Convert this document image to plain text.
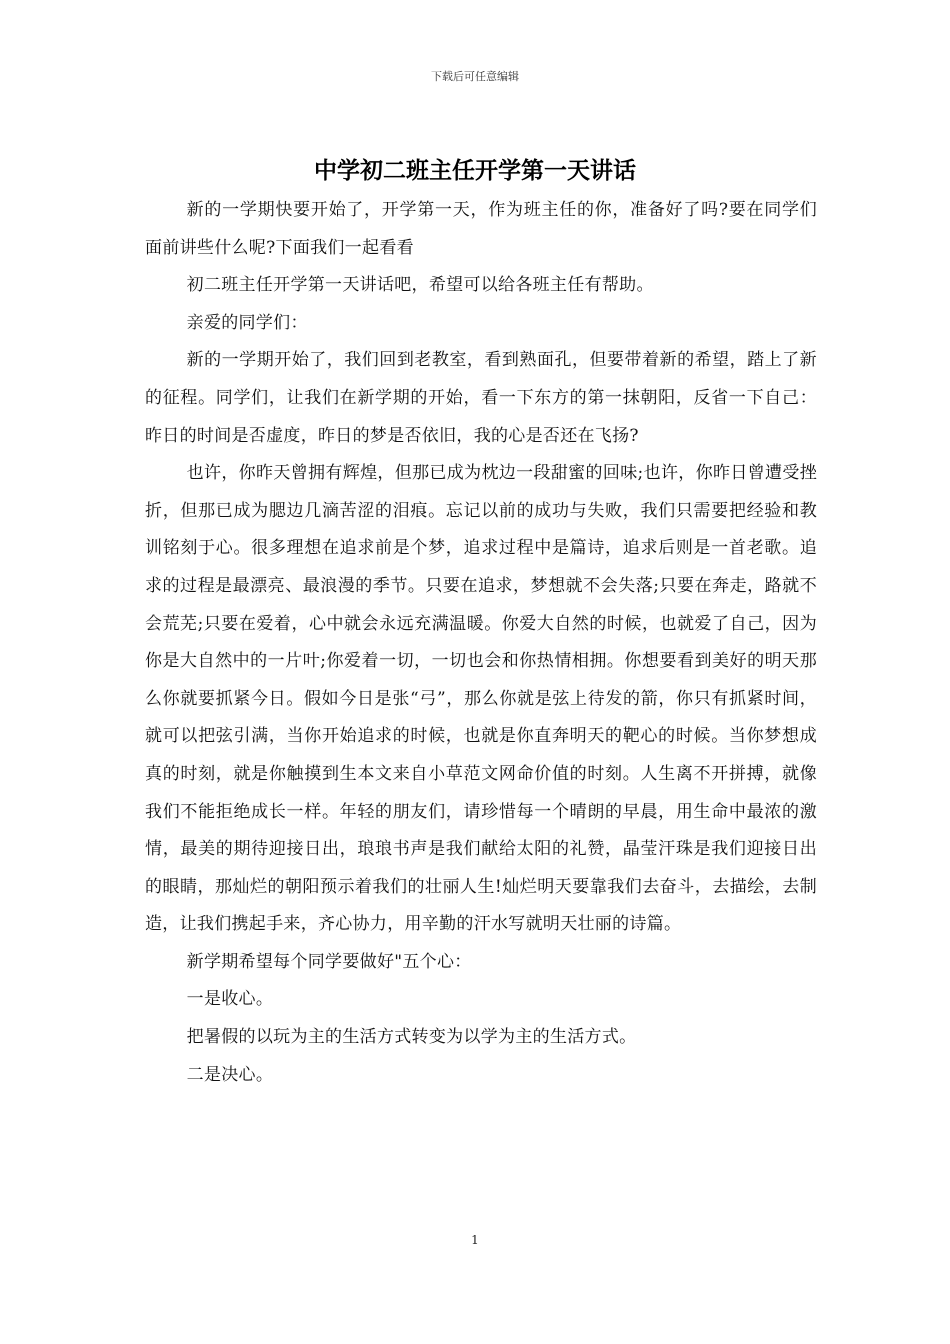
下载后可任意编辑
中学初二班主任开学第一天讲话

新的一学期快要开始了，开学第一天，作为班主任的你，准备好了吗?要在同学们面前讲些什么呢?下面我们一起看看

初二班主任开学第一天讲话吧，希望可以给各班主任有帮助。

亲爱的同学们：

新的一学期开始了，我们回到老教室，看到熟面孔，但要带着新的希望，踏上了新的征程。同学们，让我们在新学期的开始，看一下东方的第一抹朝阳，反省一下自己：昨日的时间是否虚度，昨日的梦是否依旧，我的心是否还在飞扬?

也许，你昨天曾拥有辉煌，但那已成为枕边一段甜蜜的回味;也许，你昨日曾遭受挫折，但那已成为腮边几滴苦涩的泪痕。忘记以前的成功与失败，我们只需要把经验和教训铭刻于心。很多理想在追求前是个梦，追求过程中是篇诗，追求后则是一首老歌。追求的过程是最漂亮、最浪漫的季节。只要在追求，梦想就不会失落;只要在奔走，路就不会荒芜;只要在爱着，心中就会永远充满温暖。你爱大自然的时候，也就爱了自己，因为你是大自然中的一片叶;你爱着一切，一切也会和你热情相拥。你想要看到美好的明天那么你就要抓紧今日。假如今日是张“弓”，那么你就是弦上待发的箭，你只有抓紧时间，就可以把弦引满，当你开始追求的时候，也就是你直奔明天的靶心的时候。当你梦想成真的时刻，就是你触摸到生本文来自小草范文网命价值的时刻。人生离不开拼搏，就像我们不能拒绝成长一样。年轻的朋友们，请珍惜每一个晴朗的早晨，用生命中最浓的激情，最美的期待迎接日出，琅琅书声是我们献给太阳的礼赞，晶莹汗珠是我们迎接日出的眼睛，那灿烂的朝阳预示着我们的壮丽人生!灿烂明天要靠我们去奋斗，去描绘，去制造，让我们携起手来，齐心协力，用辛勤的汗水写就明天壮丽的诗篇。

新学期希望每个同学要做好"五个心：

一是收心。

把暑假的以玩为主的生活方式转变为以学为主的生活方式。

二是决心。

1
